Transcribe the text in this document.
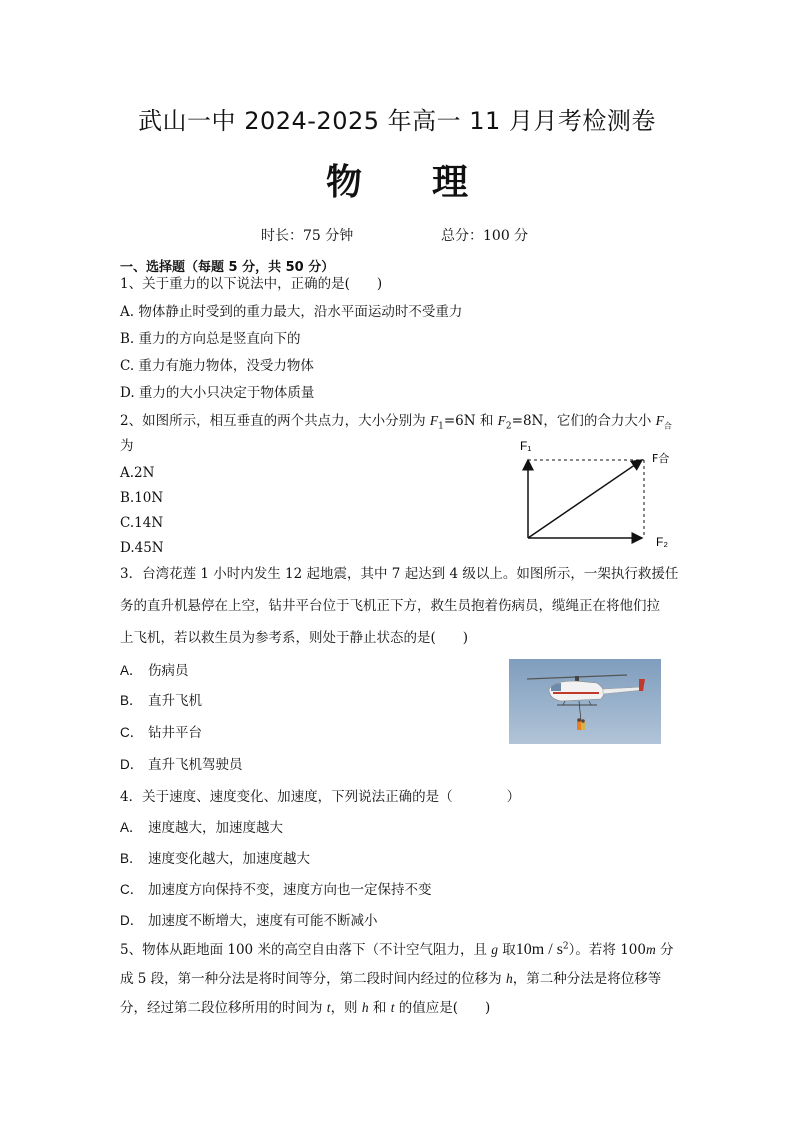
武山一中 2024-2025 年高一 11 月月考检测卷
物 理
时长：75 分钟	总分：100 分
一、选择题（每题 5 分，共 50 分）
1、关于重力的以下说法中，正确的是(　　)
A. 物体静止时受到的重力最大，沿水平面运动时不受重力
B. 重力的方向总是竖直向下的
C. 重力有施力物体，没受力物体
D. 重力的大小只决定于物体质量
2、如图所示，相互垂直的两个共点力，大小分别为 $F_1=6N$ 和 $F_2=8N$，它们的合力大小 $F_合$
为
A.2N
B.10N
C.14N
D.45N
F₁
F合
F₂
3．台湾花莲 1 小时内发生 12 起地震，其中 7 起达到 4 级以上。如图所示，一架执行救援任
务的直升机悬停在上空，钻井平台位于飞机正下方，救生员抱着伤病员，缆绳正在将他们拉
上飞机，若以救生员为参考系，则处于静止状态的是(　　)
A． 伤病员
B． 直升飞机
C． 钻井平台
D． 直升飞机驾驶员
4．关于速度、速度变化、加速度，下列说法正确的是（　　　　）
A． 速度越大，加速度越大
B． 速度变化越大，加速度越大
C． 加速度方向保持不变，速度方向也一定保持不变
D． 加速度不断增大，速度有可能不断减小
5、物体从距地面 100 米的高空自由落下（不计空气阻力，且 g 取$10m / s^2$）。若将 100m 分
成 5 段，第一种分法是将时间等分，第二段时间内经过的位移为 h，第二种分法是将位移等
分，经过第二段位移所用的时间为 t，则 h 和 t 的值应是(　　)
